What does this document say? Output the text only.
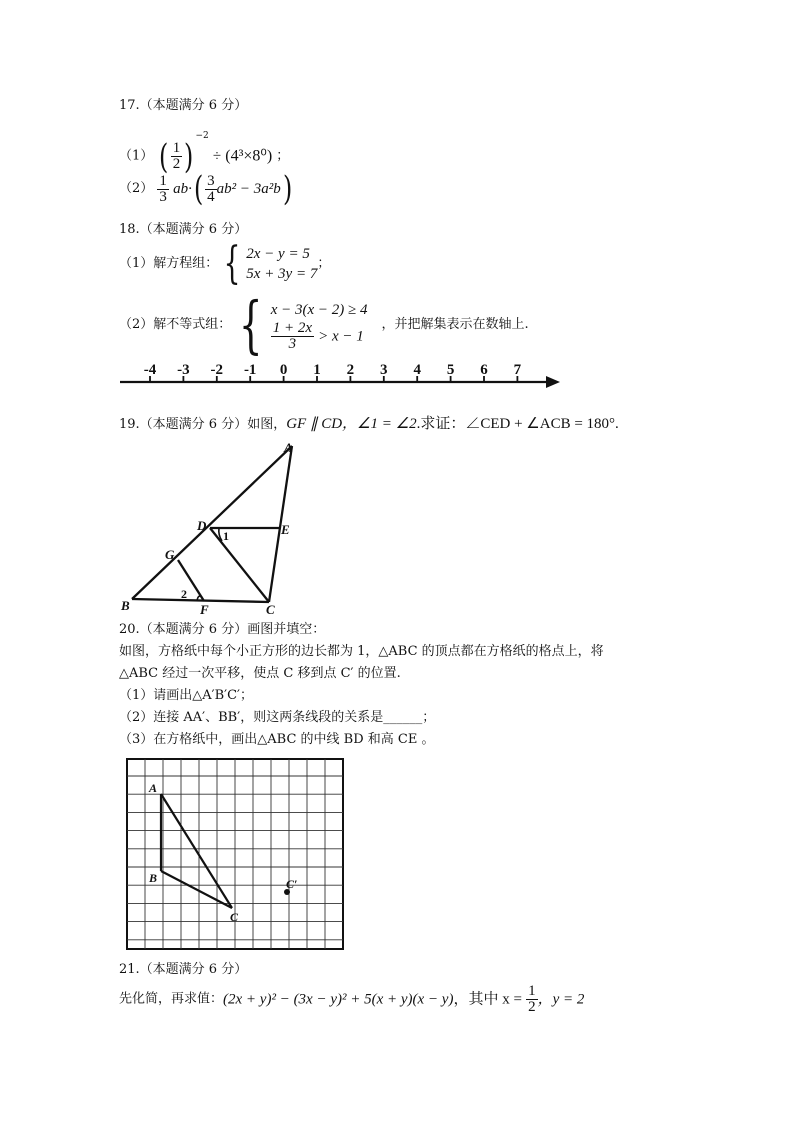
17.（本题满分 6 分）
（1） ( $\frac{1}{2} )^{-2} \div (4^3\times 8^0)$ ；
$(2) \frac{1}{3} ab\cdot( \frac{3}{4} ab^2 - 3a^2b)$
18.（本题满分 6 分）
（1）解方程组： { 2x − y = 5
5x + 3y = 7
；
（2）解不等式组： { x − 3(x − 2) ≥ 4
$\frac{1 + 2x}{3} > x - 1$
，并把解集表示在数轴上.
-4 -3 -2 -1 0 1 2 3 4 5 6 7
19.（本题满分 6 分）如图，GF ∥ CD，∠1 = ∠2.求证：∠CED + ∠ACB = 180°.
A
B	C
D	E
F
G
1
2
20.（本题满分 6 分）画图并填空：
如图，方格纸中每个小正方形的边长都为 1，△ABC 的顶点都在方格纸的格点上，将
△ABC 经过一次平移，使点 C 移到点 C′ 的位置.
（1）请画出△A′B′C′；
（2）连接 AA′、BB′，则这两条线段的关系是______；
（3）在方格纸中，画出△ABC 的中线 BD 和高 CE 。
A
B
C
C′
21.（本题满分 6 分）
先化简，再求值：(2x + y)² − (3x − y)² + 5(x + y)(x − y)，其中 $x = \frac{1}{2}$ ，y = 2
